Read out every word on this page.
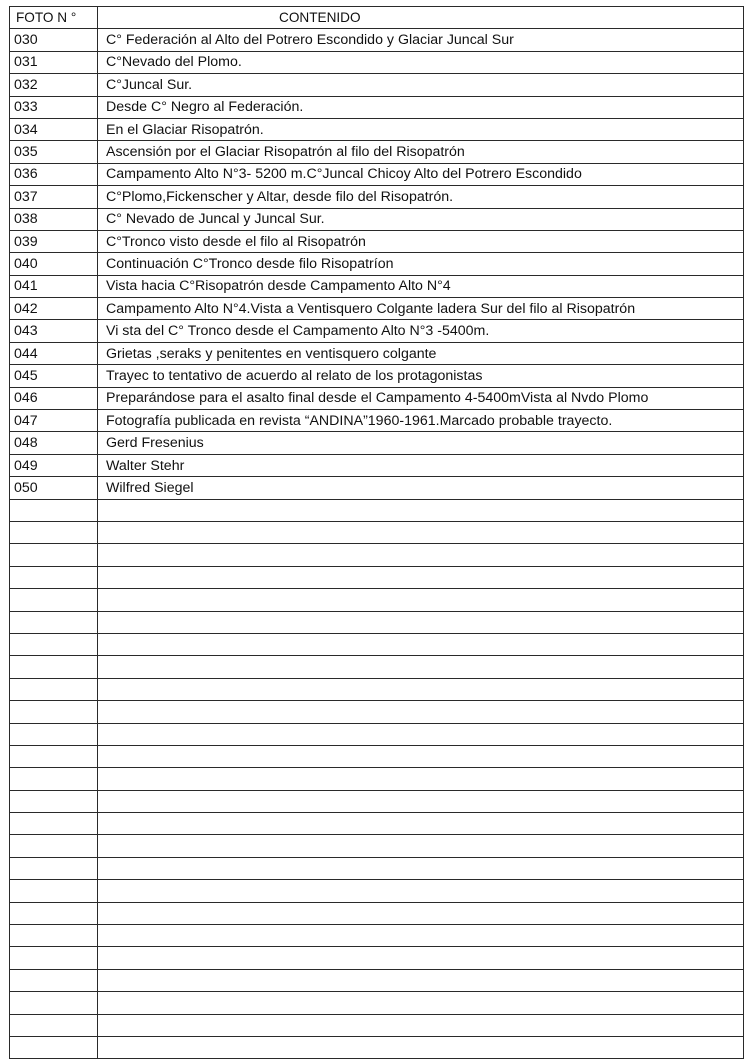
FOTO N °	CONTENIDO
030	C° Federación al Alto del Potrero Escondido y Glaciar Juncal Sur
031	C°Nevado del Plomo.
032	C°Juncal Sur.
033	Desde C° Negro al Federación.
034	En el Glaciar Risopatrón.
035	Ascensión por el Glaciar Risopatrón al filo del Risopatrón
036	Campamento Alto N°3- 5200 m.C°Juncal Chicoy Alto del Potrero Escondido
037	C°Plomo,Fickenscher y Altar, desde filo del Risopatrón.
038	C° Nevado de Juncal y Juncal Sur.
039	C°Tronco visto desde el filo al Risopatrón
040	Continuación C°Tronco desde filo Risopatríon
041	Vista hacia C°Risopatrón desde Campamento Alto N°4
042	Campamento Alto N°4.Vista a Ventisquero Colgante ladera Sur del filo al Risopatrón
043	Vi sta del C° Tronco desde el Campamento Alto N°3 -5400m.
044	Grietas ,seraks y penitentes en ventisquero colgante
045	Trayec to tentativo de acuerdo al relato de los protagonistas
046	Preparándose para el asalto final desde el Campamento 4-5400mVista al Nvdo Plomo
047	Fotografía publicada en revista “ANDINA”1960-1961.Marcado probable trayecto.
048	Gerd Fresenius
049	Walter Stehr
050	Wilfred Siegel
